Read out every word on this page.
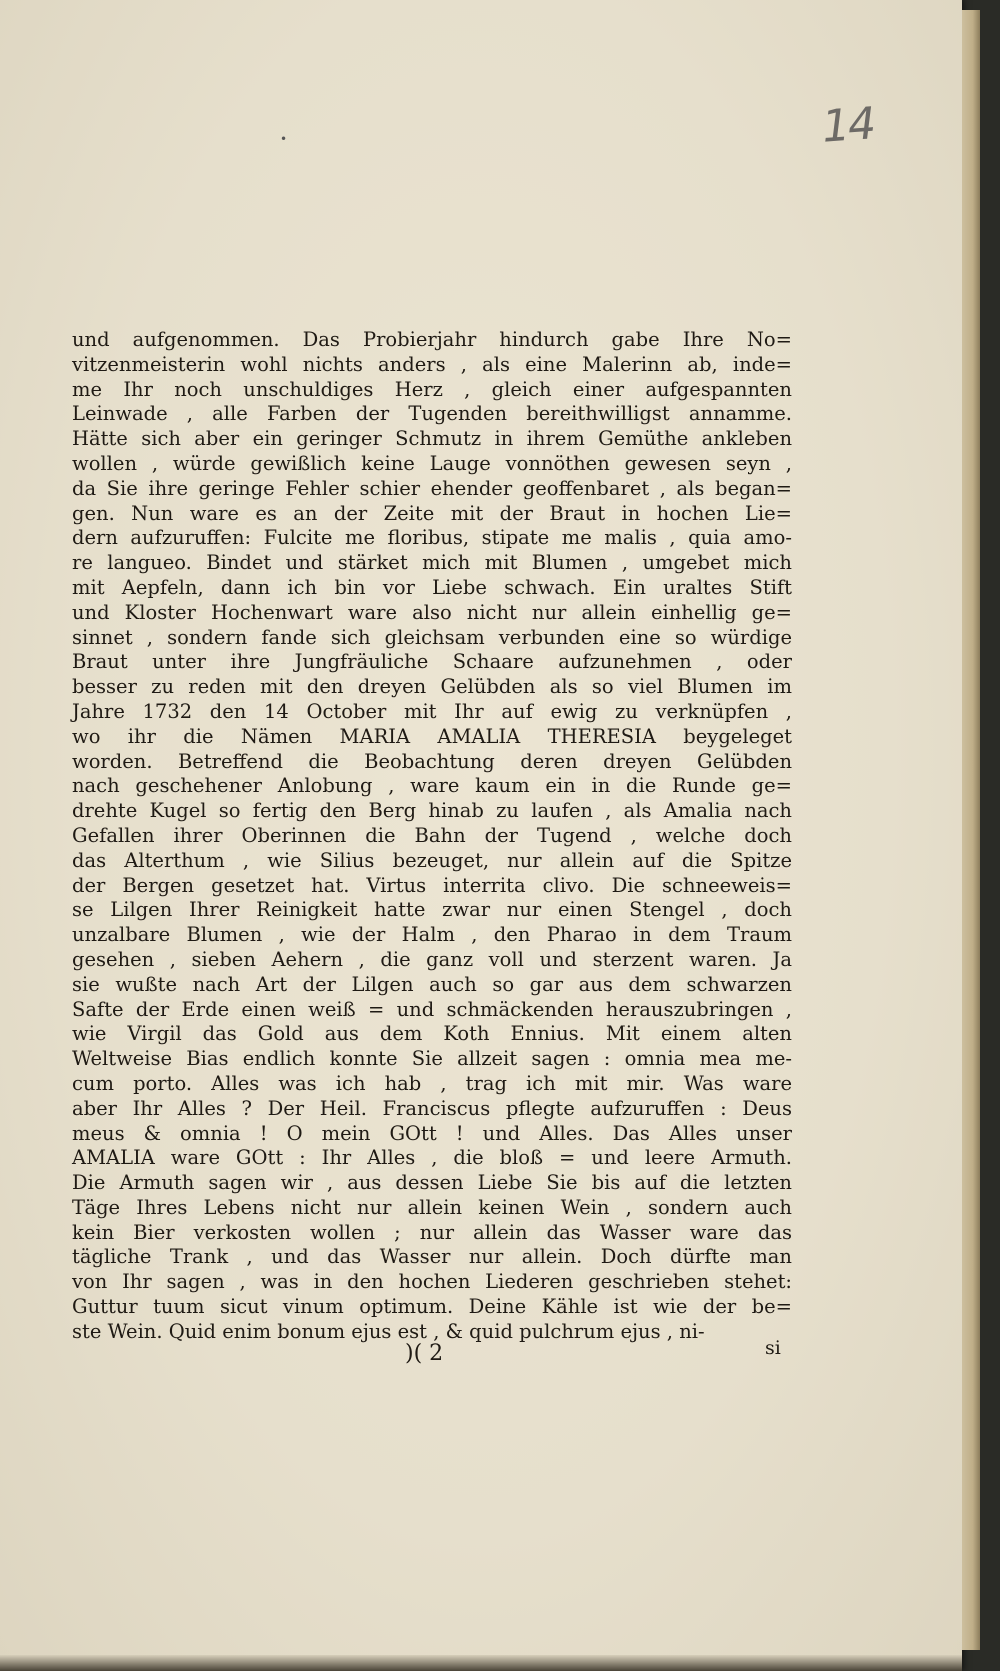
•	14
und aufgenommen. Das Probierjahr hindurch gabe Ihre No=
vitzenmeisterin wohl nichts anders , als eine Malerinn ab, inde=
me Ihr noch unschuldiges Herz , gleich einer aufgespannten
Leinwade , alle Farben der Tugenden bereithwilligst annamme.
Hätte sich aber ein geringer Schmutz in ihrem Gemüthe ankleben
wollen , würde gewißlich keine Lauge vonnöthen gewesen seyn ,
da Sie ihre geringe Fehler schier ehender geoffenbaret , als began=
gen. Nun ware es an der Zeite mit der Braut in hochen Lie=
dern aufzuruffen: Fulcite me floribus, stipate me malis , quia amo-
re langueo. Bindet und stärket mich mit Blumen , umgebet mich
mit Aepfeln, dann ich bin vor Liebe schwach. Ein uraltes Stift
und Kloster Hochenwart ware also nicht nur allein einhellig ge=
sinnet , sondern fande sich gleichsam verbunden eine so würdige
Braut unter ihre Jungfräuliche Schaare aufzunehmen , oder
besser zu reden mit den dreyen Gelübden als so viel Blumen im
Jahre 1732 den 14 October mit Ihr auf ewig zu verknüpfen ,
wo ihr die Nämen MARIA AMALIA THERESIA beygeleget
worden. Betreffend die Beobachtung deren dreyen Gelübden
nach geschehener Anlobung , ware kaum ein in die Runde ge=
drehte Kugel so fertig den Berg hinab zu laufen , als Amalia nach
Gefallen ihrer Oberinnen die Bahn der Tugend , welche doch
das Alterthum , wie Silius bezeuget, nur allein auf die Spitze
der Bergen gesetzet hat. Virtus interrita clivo. Die schneeweis=
se Lilgen Ihrer Reinigkeit hatte zwar nur einen Stengel , doch
unzalbare Blumen , wie der Halm , den Pharao in dem Traum
gesehen , sieben Aehern , die ganz voll und sterzent waren. Ja
sie wußte nach Art der Lilgen auch so gar aus dem schwarzen
Safte der Erde einen weiß = und schmäckenden herauszubringen ,
wie Virgil das Gold aus dem Koth Ennius. Mit einem alten
Weltweise Bias endlich konnte Sie allzeit sagen : omnia mea me-
cum porto. Alles was ich hab , trag ich mit mir. Was ware
aber Ihr Alles ? Der Heil. Franciscus pflegte aufzuruffen : Deus
meus & omnia ! O mein GOtt ! und Alles. Das Alles unser
AMALIA ware GOtt : Ihr Alles , die bloß = und leere Armuth.
Die Armuth sagen wir , aus dessen Liebe Sie bis auf die letzten
Täge Ihres Lebens nicht nur allein keinen Wein , sondern auch
kein Bier verkosten wollen ; nur allein das Wasser ware das
tägliche Trank , und das Wasser nur allein. Doch dürfte man
von Ihr sagen , was in den hochen Liederen geschrieben stehet:
Guttur tuum sicut vinum optimum. Deine Kähle ist wie der be=
ste Wein. Quid enim bonum ejus est , & quid pulchrum ejus , ni-
)( 2	si
